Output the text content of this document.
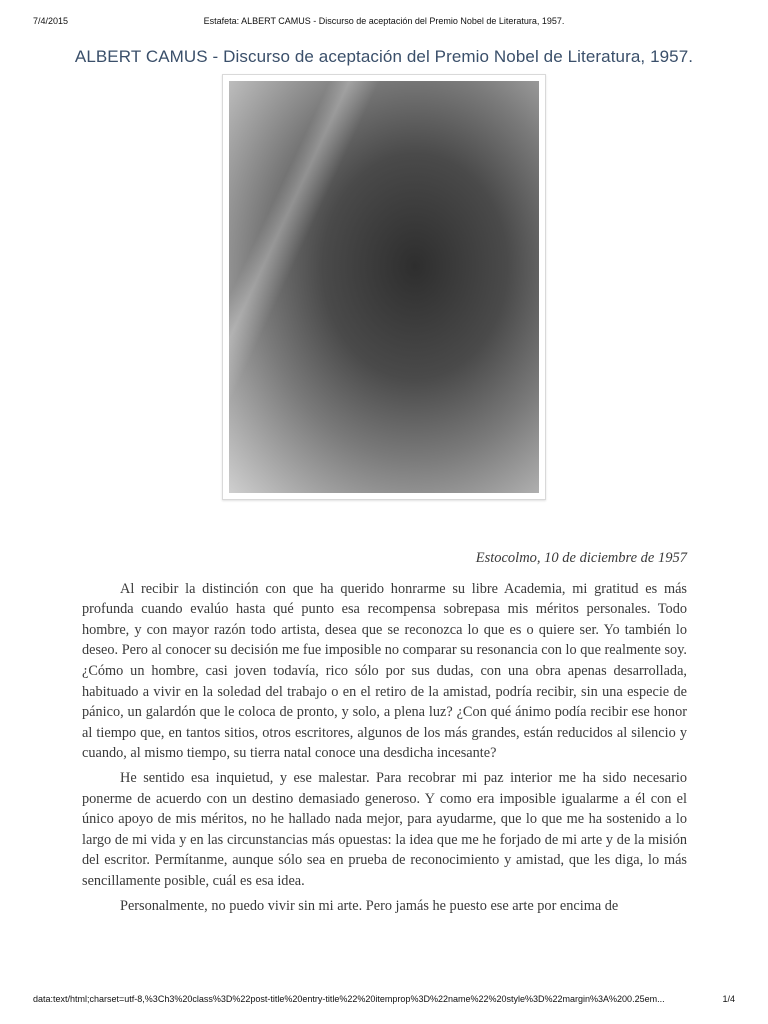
7/4/2015	Estafeta: ALBERT CAMUS - Discurso de aceptación del Premio Nobel de Literatura, 1957.
ALBERT CAMUS - Discurso de aceptación del Premio Nobel de Literatura, 1957.

Estocolmo, 10 de diciembre de 1957

Al recibir la distinción con que ha querido honrarme su libre Academia, mi gratitud es más profunda cuando evalúo hasta qué punto esa recompensa sobrepasa mis méritos personales. Todo hombre, y con mayor razón todo artista, desea que se reconozca lo que es o quiere ser. Yo también lo deseo. Pero al conocer su decisión me fue imposible no comparar su resonancia con lo que realmente soy. ¿Cómo un hombre, casi joven todavía, rico sólo por sus dudas, con una obra apenas desarrollada, habituado a vivir en la soledad del trabajo o en el retiro de la amistad, podría recibir, sin una especie de pánico, un galardón que le coloca de pronto, y solo, a plena luz? ¿Con qué ánimo podía recibir ese honor al tiempo que, en tantos sitios, otros escritores, algunos de los más grandes, están reducidos al silencio y cuando, al mismo tiempo, su tierra natal conoce una desdicha incesante?

He sentido esa inquietud, y ese malestar. Para recobrar mi paz interior me ha sido necesario ponerme de acuerdo con un destino demasiado generoso. Y como era imposible igualarme a él con el único apoyo de mis méritos, no he hallado nada mejor, para ayudarme, que lo que me ha sostenido a lo largo de mi vida y en las circunstancias más opuestas: la idea que me he forjado de mi arte y de la misión del escritor. Permítanme, aunque sólo sea en prueba de reconocimiento y amistad, que les diga, lo más sencillamente posible, cuál es esa idea.

Personalmente, no puedo vivir sin mi arte. Pero jamás he puesto ese arte por encima de

data:text/html;charset=utf-8,%3Ch3%20class%3D%22post-title%20entry-title%22%20itemprop%3D%22name%22%20style%3D%22margin%3A%200.25em...	1/4
